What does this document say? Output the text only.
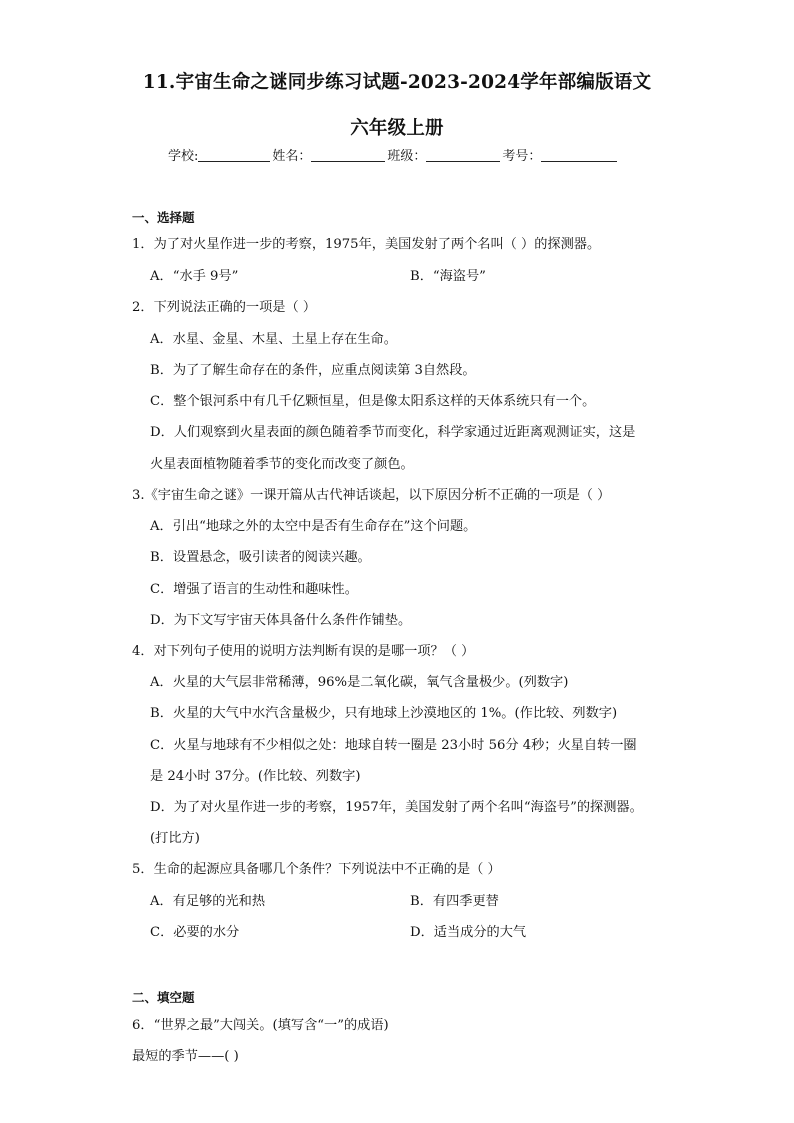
11.宇宙生命之谜同步练习试题-2023-2024学年部编版语文
六年级上册
学校:	姓名：	班级：	考号：
一、选择题
1．为了对火星作进一步的考察，1975年，美国发射了两个名叫（ ）的探测器。
A．“水手 9号”	B．“海盗号”
2．下列说法正确的一项是（ ）
A．水星、金星、木星、土星上存在生命。
B．为了了解生命存在的条件，应重点阅读第 3自然段。
C．整个银河系中有几千亿颗恒星，但是像太阳系这样的天体系统只有一个。
D．人们观察到火星表面的颜色随着季节而变化，科学家通过近距离观测证实，这是
火星表面植物随着季节的变化而改变了颜色。
3.《宇宙生命之谜》一课开篇从古代神话谈起，以下原因分析不正确的一项是（ ）
A．引出“地球之外的太空中是否有生命存在”这个问题。
B．设置悬念，吸引读者的阅读兴趣。
C．增强了语言的生动性和趣味性。
D．为下文写宇宙天体具备什么条件作铺垫。
4．对下列句子使用的说明方法判断有误的是哪一项？（ ）
A．火星的大气层非常稀薄，96%是二氧化碳，氧气含量极少。(列数字)
B．火星的大气中水汽含量极少，只有地球上沙漠地区的 1%。(作比较、列数字)
C．火星与地球有不少相似之处：地球自转一圈是 23小时 56分 4秒；火星自转一圈
是 24小时 37分。(作比较、列数字)
D．为了对火星作进一步的考察，1957年，美国发射了两个名叫“海盗号”的探测器。
(打比方)
5．生命的起源应具备哪几个条件？下列说法中不正确的是（ ）
A．有足够的光和热	B．有四季更替
C．必要的水分	D．适当成分的大气
二、填空题
6．“世界之最”大闯关。(填写含“一”的成语)
最短的季节——( )
